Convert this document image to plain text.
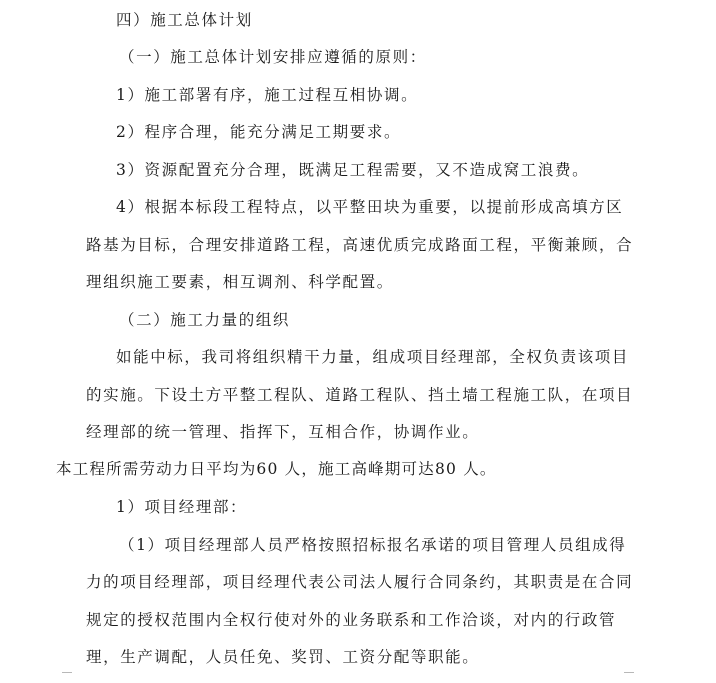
四）施工总体计划
（一）施工总体计划安排应遵循的原则：
1）施工部署有序，施工过程互相协调。
2）程序合理，能充分满足工期要求。
3）资源配置充分合理，既满足工程需要，又不造成窝工浪费。
4）根据本标段工程特点，以平整田块为重要，以提前形成高填方区
路基为目标，合理安排道路工程，高速优质完成路面工程，平衡兼顾，合
理组织施工要素，相互调剂、科学配置。
（二）施工力量的组织
如能中标，我司将组织精干力量，组成项目经理部，全权负责该项目
的实施。下设土方平整工程队、道路工程队、挡土墙工程施工队，在项目
经理部的统一管理、指挥下，互相合作，协调作业。
本工程所需劳动力日平均为60 人，施工高峰期可达80 人。
1）项目经理部：
（1）项目经理部人员严格按照招标报名承诺的项目管理人员组成得
力的项目经理部，项目经理代表公司法人履行合同条约，其职责是在合同
规定的授权范围内全权行使对外的业务联系和工作洽谈，对内的行政管
理，生产调配，人员任免、奖罚、工资分配等职能。
